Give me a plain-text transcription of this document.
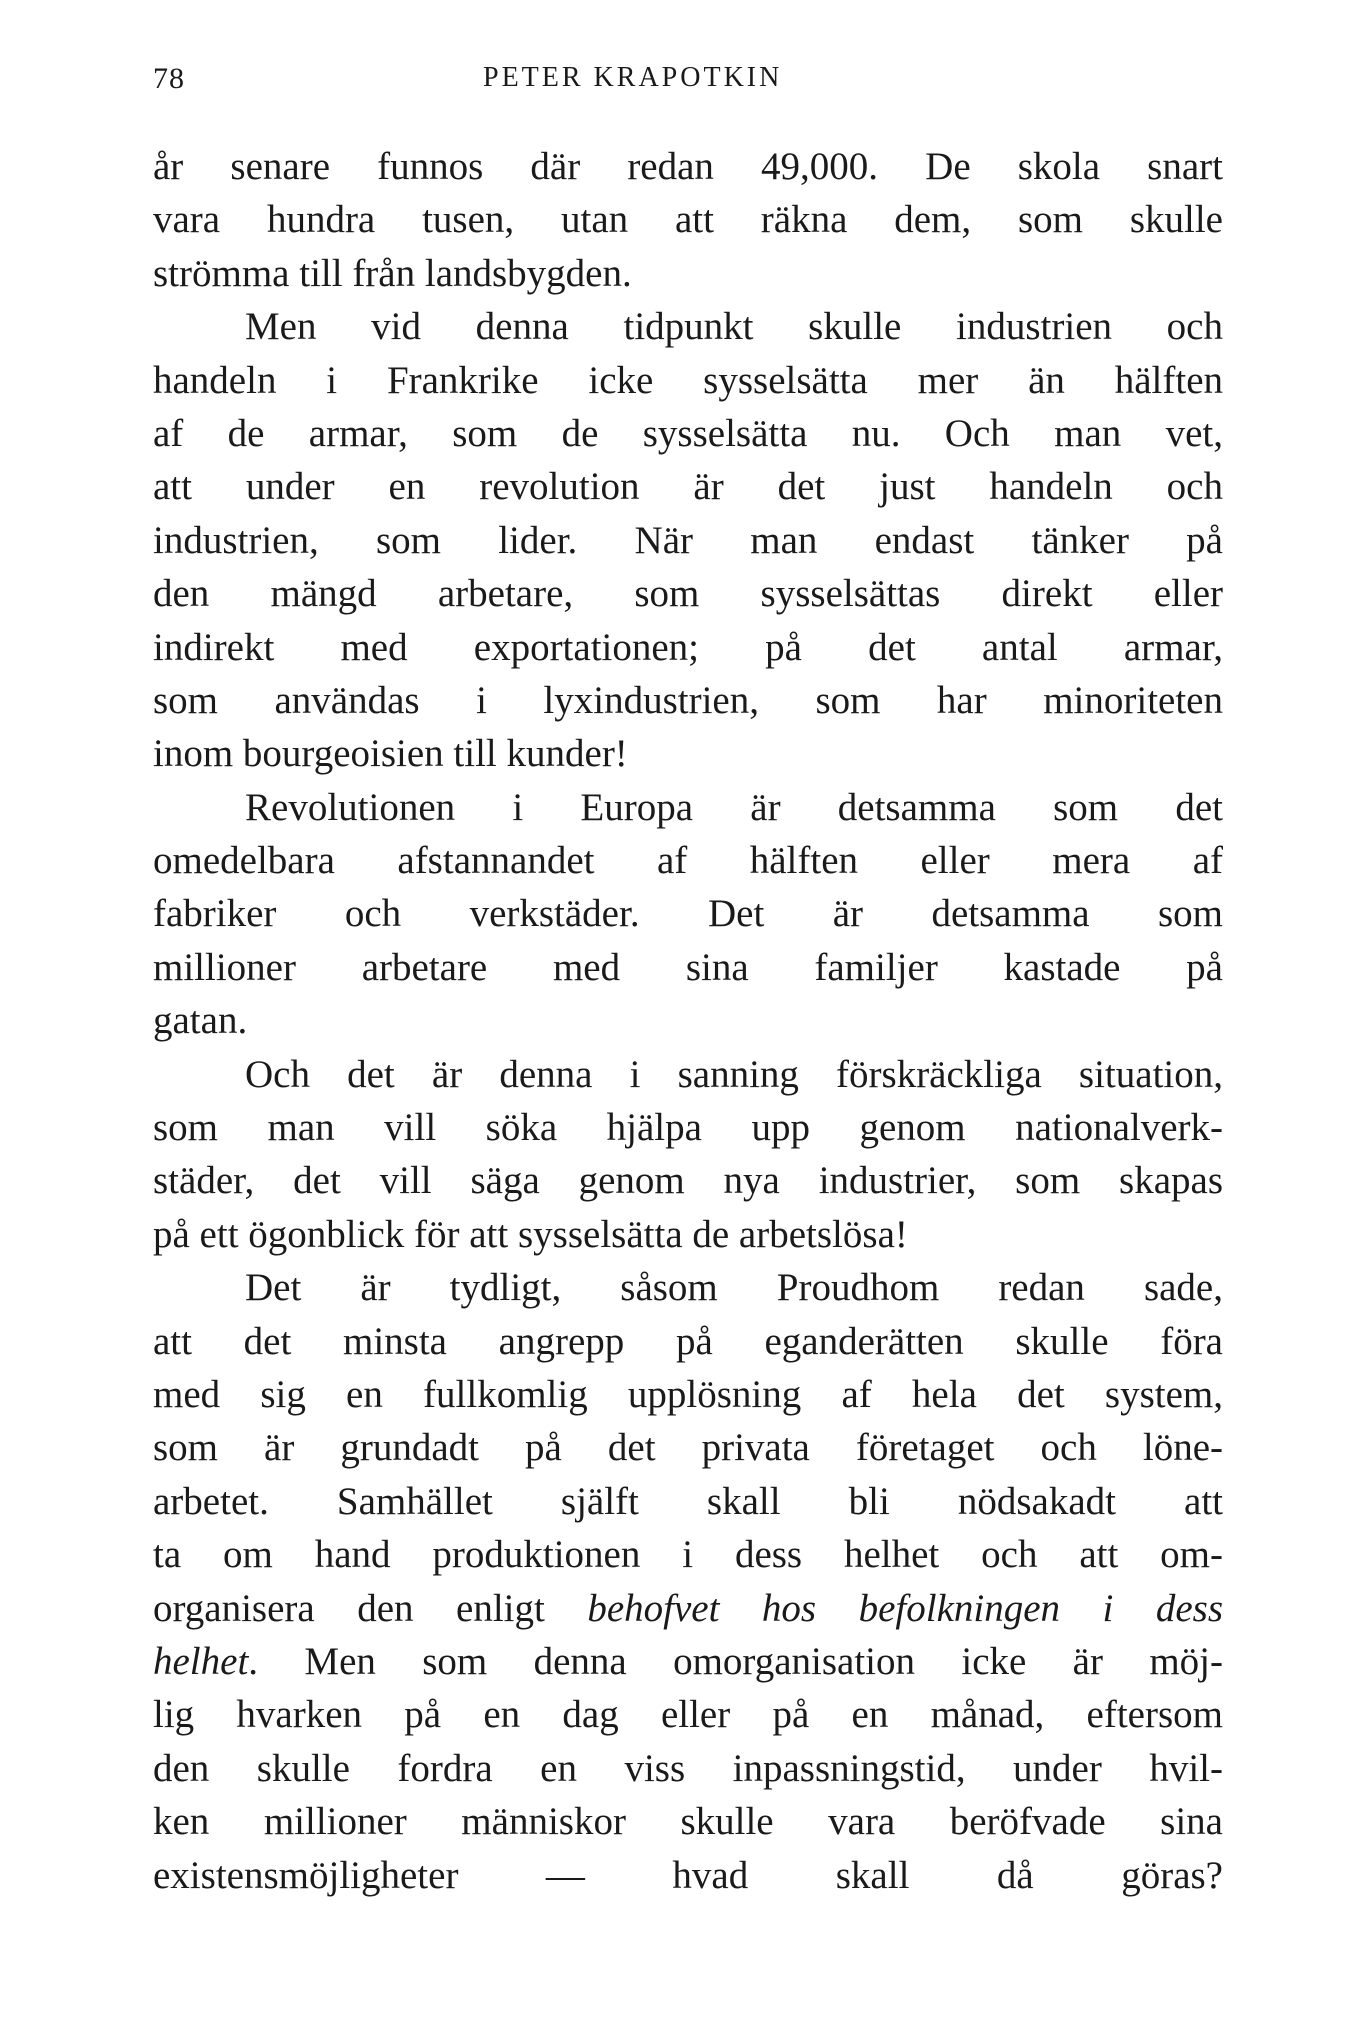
78	PETER KRAPOTKIN
år senare funnos där redan 49,000. De skola snart
vara hundra tusen, utan att räkna dem, som skulle
strömma till från landsbygden.
Men vid denna tidpunkt skulle industrien och
handeln i Frankrike icke sysselsätta mer än hälften
af de armar, som de sysselsätta nu. Och man vet,
att under en revolution är det just handeln och
industrien, som lider. När man endast tänker på
den mängd arbetare, som sysselsättas direkt eller
indirekt med exportationen; på det antal armar,
som användas i lyxindustrien, som har minoriteten
inom bourgeoisien till kunder!
Revolutionen i Europa är detsamma som det
omedelbara afstannandet af hälften eller mera af
fabriker och verkstäder. Det är detsamma som
millioner arbetare med sina familjer kastade på
gatan.
Och det är denna i sanning förskräckliga situation,
som man vill söka hjälpa upp genom nationalverk-
städer, det vill säga genom nya industrier, som skapas
på ett ögonblick för att sysselsätta de arbetslösa!
Det är tydligt, såsom Proudhom redan sade,
att det minsta angrepp på eganderätten skulle föra
med sig en fullkomlig upplösning af hela det system,
som är grundadt på det privata företaget och löne-
arbetet. Samhället själft skall bli nödsakadt att
ta om hand produktionen i dess helhet och att om-
organisera den enligt behofvet hos befolkningen i dess
helhet. Men som denna omorganisation icke är möj-
lig hvarken på en dag eller på en månad, eftersom
den skulle fordra en viss inpassningstid, under hvil-
ken millioner människor skulle vara beröfvade sina
existensmöjligheter — hvad skall då göras?
